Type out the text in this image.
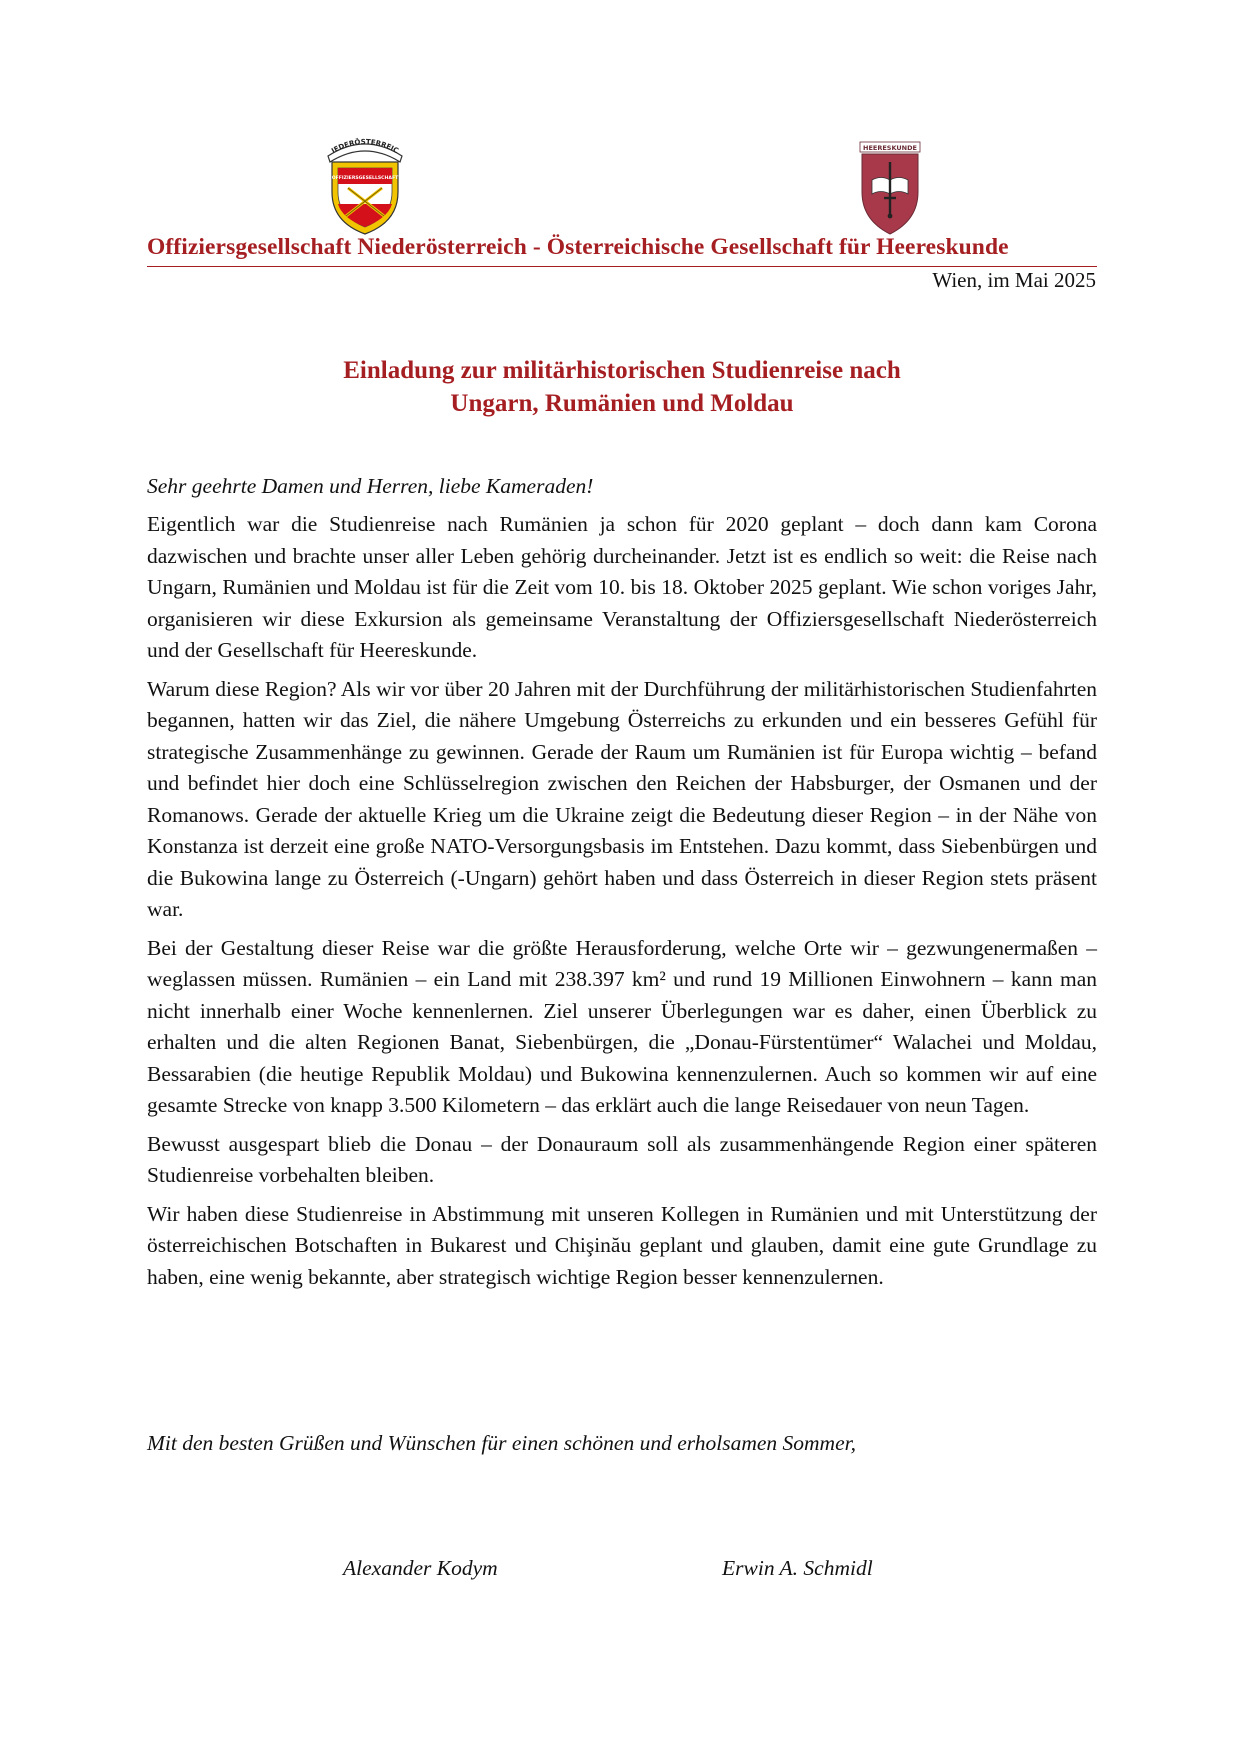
IEDERÖSTERREIC
OFFIZIERSGESELLSCHAFT
HEERESKUNDE
Offiziersgesellschaft Niederösterreich - Österreichische Gesellschaft für Heereskunde
Wien, im Mai 2025
Einladung zur militärhistorischen Studienreise nach
Ungarn, Rumänien und Moldau
Sehr geehrte Damen und Herren, liebe Kameraden!

Eigentlich war die Studienreise nach Rumänien ja schon für 2020 geplant – doch dann kam Corona dazwischen und brachte unser aller Leben gehörig durcheinander. Jetzt ist es endlich so weit: die Reise nach Ungarn, Rumänien und Moldau ist für die Zeit vom 10. bis 18. Oktober 2025 geplant. Wie schon voriges Jahr, organisieren wir diese Exkursion als gemeinsame Veranstaltung der Offiziersgesellschaft Niederösterreich und der Gesellschaft für Heereskunde.

Warum diese Region? Als wir vor über 20 Jahren mit der Durchführung der militärhistorischen Studienfahrten begannen, hatten wir das Ziel, die nähere Umgebung Österreichs zu erkunden und ein besseres Gefühl für strategische Zusammenhänge zu gewinnen. Gerade der Raum um Rumänien ist für Europa wichtig – befand und befindet hier doch eine Schlüsselregion zwischen den Reichen der Habsburger, der Osmanen und der Romanows. Gerade der aktuelle Krieg um die Ukraine zeigt die Bedeutung dieser Region – in der Nähe von Konstanza ist derzeit eine große NATO-Versorgungsbasis im Entstehen. Dazu kommt, dass Siebenbürgen und die Bukowina lange zu Österreich (-Ungarn) gehört haben und dass Österreich in dieser Region stets präsent war.

Bei der Gestaltung dieser Reise war die größte Herausforderung, welche Orte wir – gezwungenermaßen – weglassen müssen. Rumänien – ein Land mit 238.397 km² und rund 19 Millionen Einwohnern – kann man nicht innerhalb einer Woche kennenlernen. Ziel unserer Überlegungen war es daher, einen Überblick zu erhalten und die alten Regionen Banat, Siebenbürgen, die „Donau-Fürstentümer“ Walachei und Moldau, Bessarabien (die heutige Republik Moldau) und Bukowina kennenzulernen. Auch so kommen wir auf eine gesamte Strecke von knapp 3.500 Kilometern – das erklärt auch die lange Reisedauer von neun Tagen.

Bewusst ausgespart blieb die Donau – der Donauraum soll als zusammenhängende Region einer späteren Studienreise vorbehalten bleiben.

Wir haben diese Studienreise in Abstimmung mit unseren Kollegen in Rumänien und mit Unterstützung der österreichischen Botschaften in Bukarest und Chişinău geplant und glauben, damit eine gute Grundlage zu haben, eine wenig bekannte, aber strategisch wichtige Region besser kennenzulernen.

Mit den besten Grüßen und Wünschen für einen schönen und erholsamen Sommer,
Alexander Kodym	Erwin A. Schmidl
